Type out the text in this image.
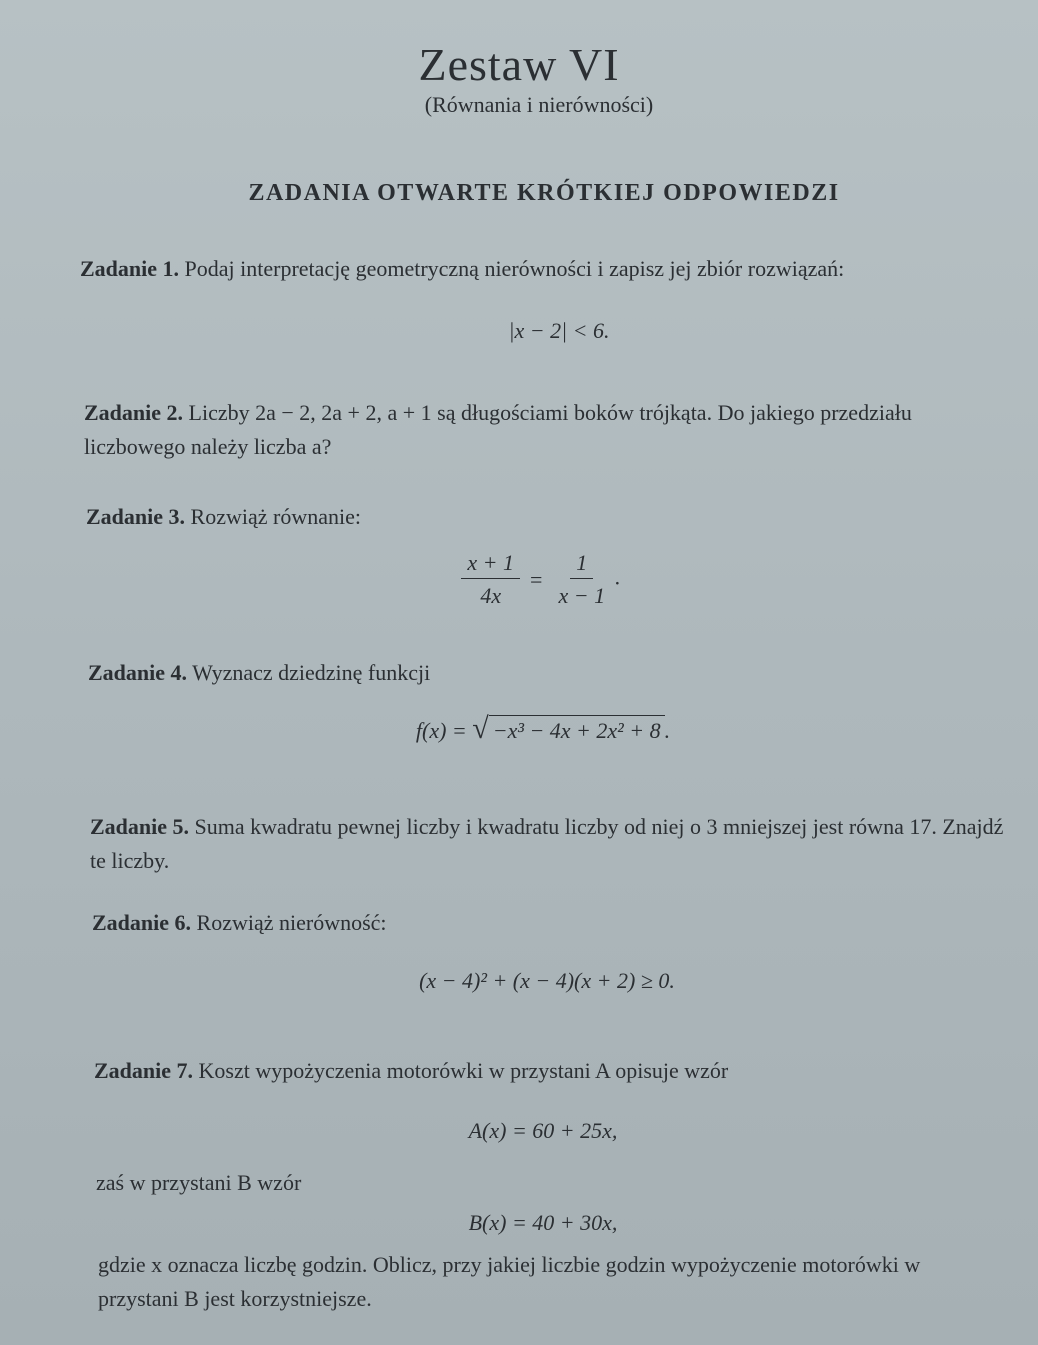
Zestaw VI
(Równania i nierówności)
ZADANIA OTWARTE KRÓTKIEJ ODPOWIEDZI
Zadanie 1. Podaj interpretację geometryczną nierówności i zapisz jej zbiór rozwiązań:
|x − 2| < 6.
Zadanie 2. Liczby 2a − 2, 2a + 2, a + 1 są długościami boków trójkąta. Do jakiego przedziału liczbowego należy liczba a?
Zadanie 3. Rozwiąż równanie:
$\frac{x + 1}{4x} = \frac{1}{x - 1}$ .
Zadanie 4. Wyznacz dziedzinę funkcji
f(x) = √ −x³ − 4x + 2x² + 8 .
Zadanie 5. Suma kwadratu pewnej liczby i kwadratu liczby od niej o 3 mniejszej jest równa 17. Znajdź te liczby.
Zadanie 6. Rozwiąż nierówność:
(x − 4)² + (x − 4)(x + 2) ≥ 0.
Zadanie 7. Koszt wypożyczenia motorówki w przystani A opisuje wzór
A(x) = 60 + 25x,
zaś w przystani B wzór
B(x) = 40 + 30x,
gdzie x oznacza liczbę godzin. Oblicz, przy jakiej liczbie godzin wypożyczenie motorówki w przystani B jest korzystniejsze.
